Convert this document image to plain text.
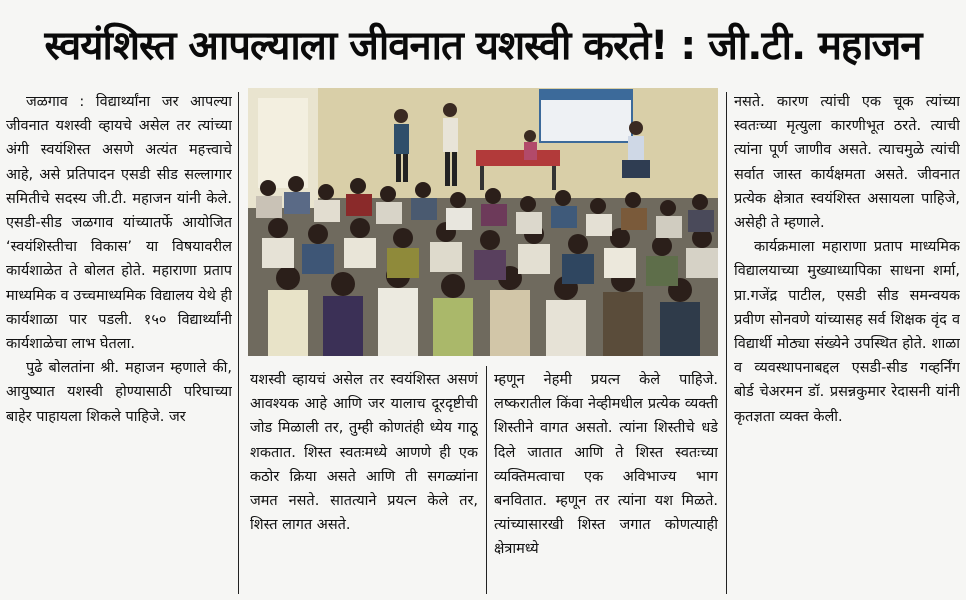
स्वयंशिस्त आपल्याला जीवनात यशस्वी करते! : जी.टी. महाजन

जळगाव : विद्यार्थ्यांना जर आपल्या जीवनात यशस्वी व्हायचे असेल तर त्यांच्या अंगी स्वयंशिस्त असणे अत्यंत महत्त्वाचे आहे, असे प्रतिपादन एसडी सीड सल्लागार समितीचे सदस्य जी.टी. महाजन यांनी केले. एसडी-सीड जळगाव यांच्यातर्फे आयोजित ‘स्वयंशिस्तीचा विकास’ या विषयावरील कार्यशाळेत ते बोलत होते. महाराणा प्रताप माध्यमिक व उच्चमाध्यमिक विद्यालय येथे ही कार्यशाळा पार पडली. १५० विद्यार्थ्यांनी कार्यशाळेचा लाभ घेतला.

पुढे बोलतांना श्री. महाजन म्हणाले की, आयुष्यात यशस्वी होण्यासाठी परिघाच्या बाहेर पाहायला शिकले पाहिजे. जर

यशस्वी व्हायचं असेल तर स्वयंशिस्त असणं आवश्यक आहे आणि जर यालाच दूरदृष्टीची जोड मिळाली तर, तुम्ही कोणतंही ध्येय गाठू शकतात. शिस्त स्वतःमध्ये आणणे ही एक कठोर क्रिया असते आणि ती सगळ्यांना जमत नसते. सातत्याने प्रयत्न केले तर, शिस्त लागत असते.

म्हणून नेहमी प्रयत्न केले पाहिजे. लष्करातील किंवा नेव्हीमधील प्रत्येक व्यक्ती शिस्तीने वागत असतो. त्यांना शिस्तीचे धडे दिले जातात आणि ते शिस्त स्वतःच्या व्यक्तिमत्वाचा एक अविभाज्य भाग बनवितात. म्हणून तर त्यांना यश मिळते. त्यांच्यासारखी शिस्त जगात कोणत्याही क्षेत्रामध्ये

नसते. कारण त्यांची एक चूक त्यांच्या स्वतःच्या मृत्युला कारणीभूत ठरते. त्याची त्यांना पूर्ण जाणीव असते. त्याचमुळे त्यांची सर्वात जास्त कार्यक्षमता असते. जीवनात प्रत्येक क्षेत्रात स्वयंशिस्त असायला पाहिजे, असेही ते म्हणाले.

कार्यक्रमाला महाराणा प्रताप माध्यमिक विद्यालयाच्या मुख्याध्यापिका साधना शर्मा, प्रा.गजेंद्र पाटील, एसडी सीड समन्वयक प्रवीण सोनवणे यांच्यासह सर्व शिक्षक वृंद व विद्यार्थी मोठ्या संख्येने उपस्थित होते. शाळा व व्यवस्थापनाबद्दल एसडी-सीड गव्हर्निंग बोर्ड चेअरमन डॉ. प्रसन्नकुमार रेदासनी यांनी कृतज्ञता व्यक्त केली.
